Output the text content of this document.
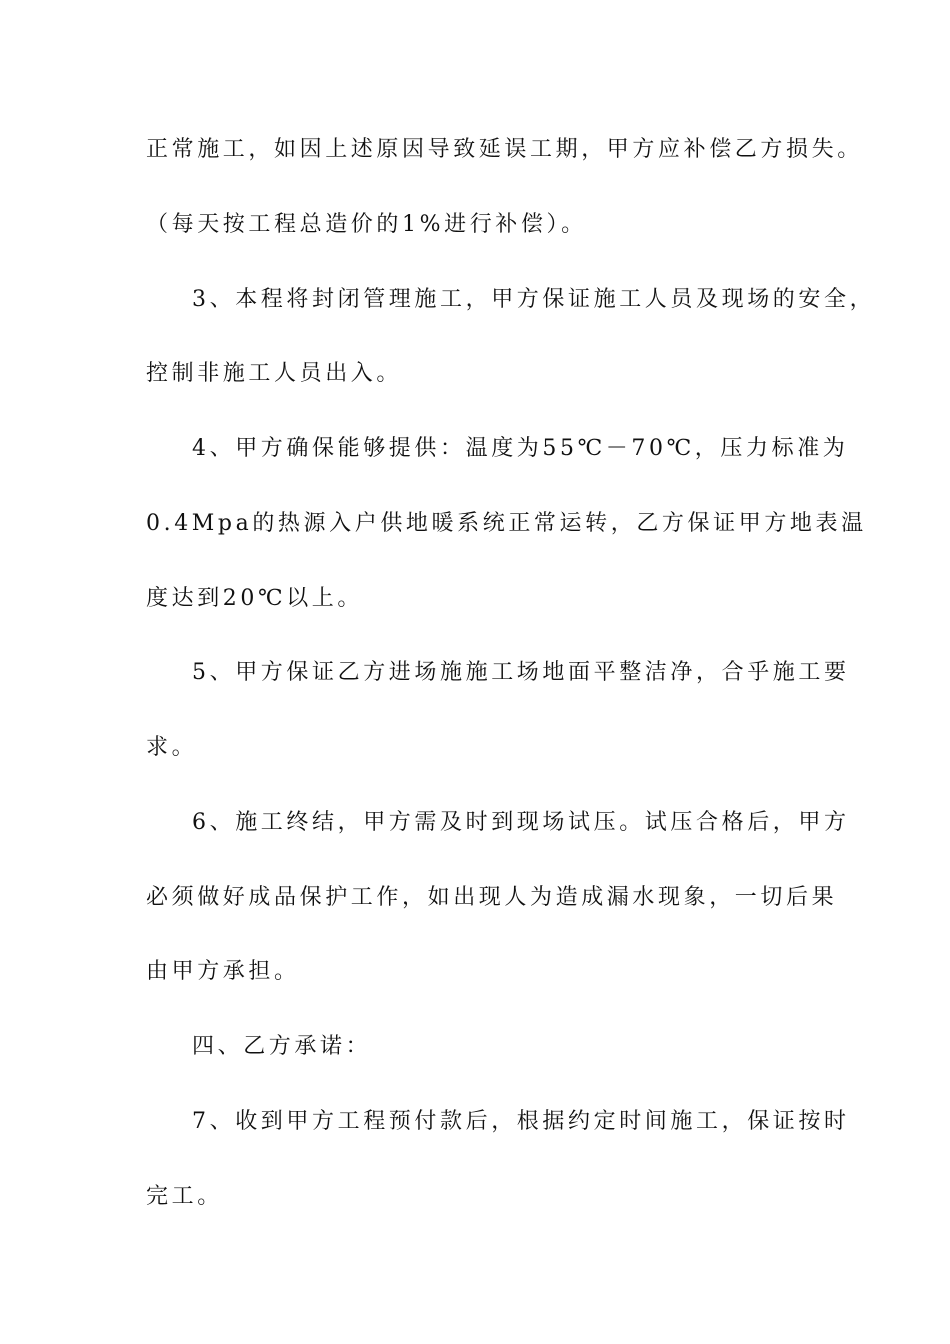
正常施工，如因上述原因导致延误工期，甲方应补偿乙方损失。
（每天按工程总造价的1%进行补偿）。
3、本程将封闭管理施工，甲方保证施工人员及现场的安全，
控制非施工人员出入。
4、甲方确保能够提供：温度为55℃－70℃，压力标准为
0.4Mpa的热源入户供地暖系统正常运转，乙方保证甲方地表温
度达到20℃以上。
5、甲方保证乙方进场施施工场地面平整洁净，合乎施工要
求。
6、施工终结，甲方需及时到现场试压。试压合格后，甲方
必须做好成品保护工作，如出现人为造成漏水现象，一切后果
由甲方承担。
四、乙方承诺：
7、收到甲方工程预付款后，根据约定时间施工，保证按时
完工。
